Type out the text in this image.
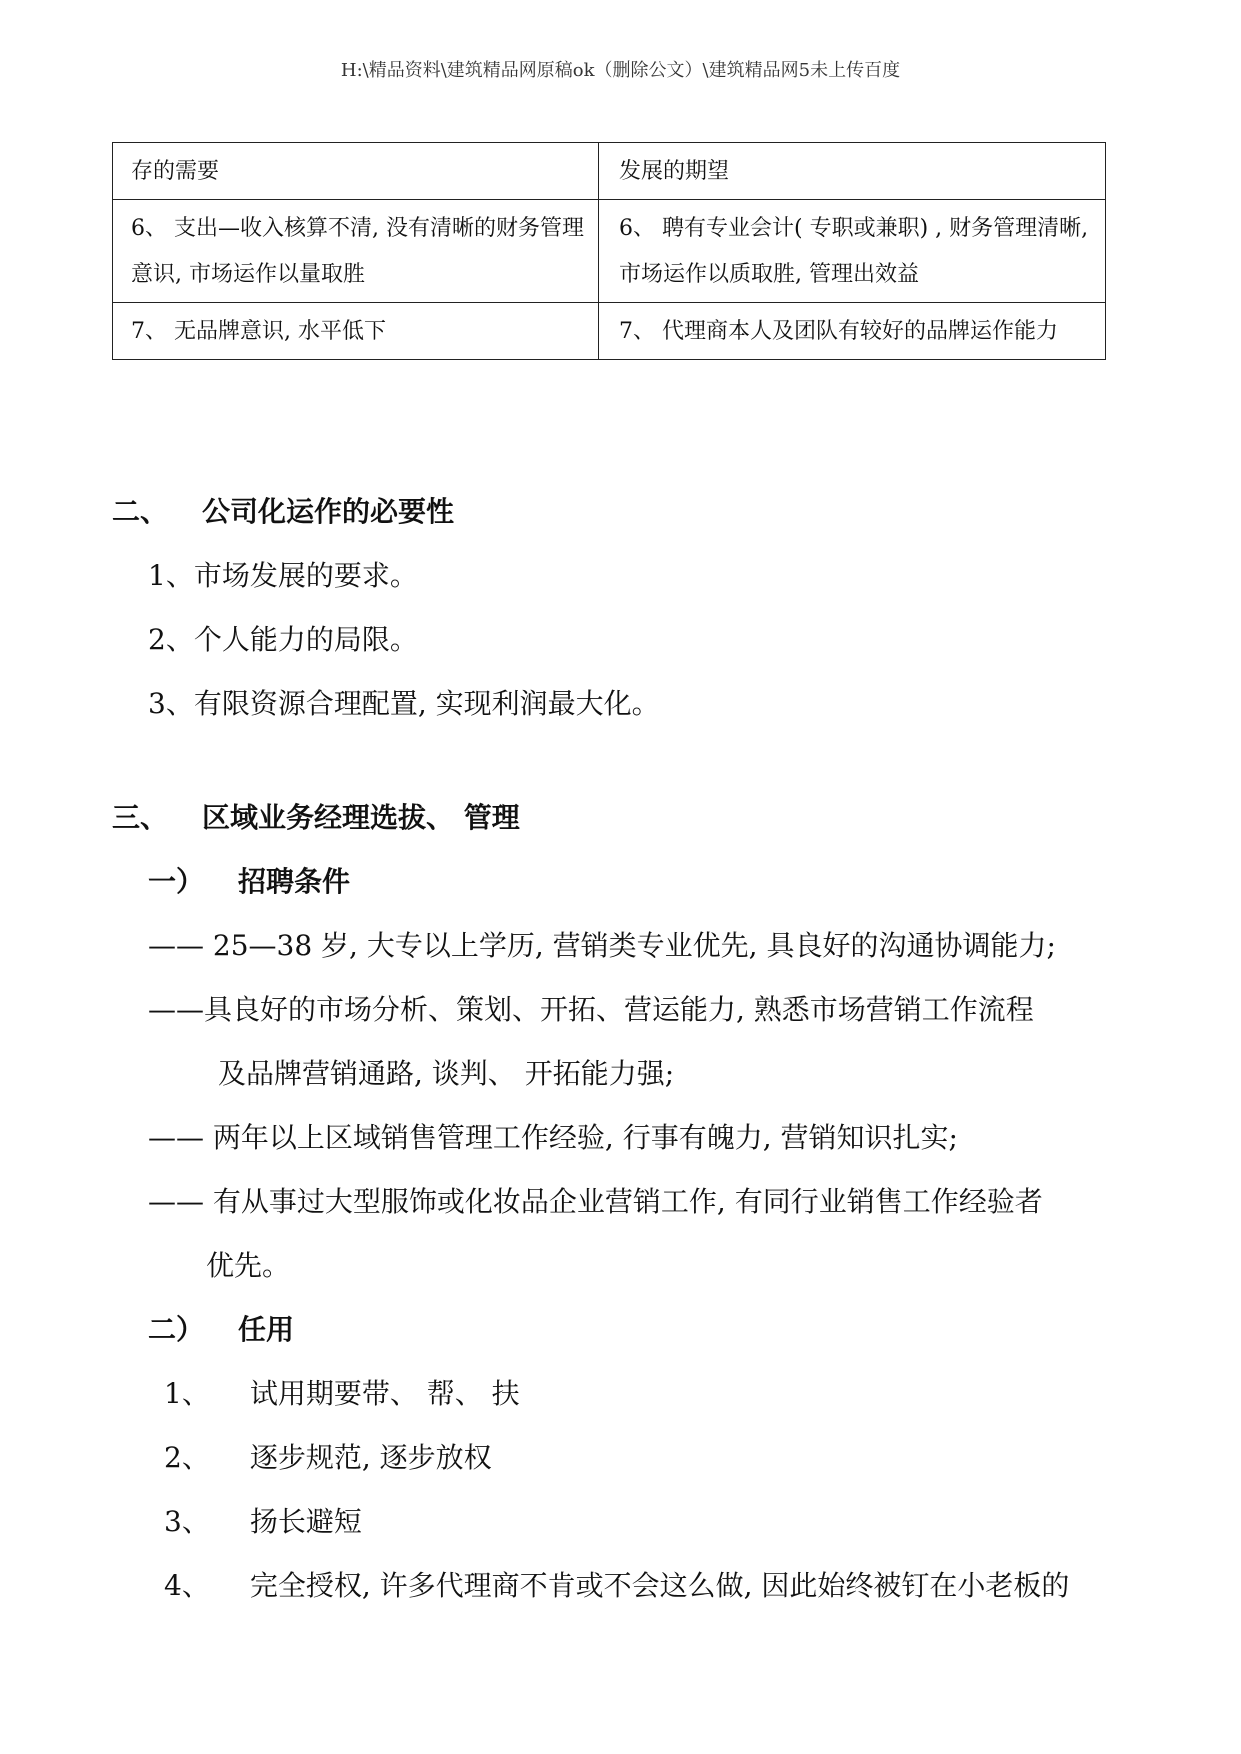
H:\精品资料\建筑精品网原稿ok（删除公文）\建筑精品网5未上传百度
存的需要	发展的期望
6、 支出—收入核算不清, 没有清晰的财务管理意识, 市场运作以量取胜	6、 聘有专业会计( 专职或兼职) , 财务管理清晰, 市场运作以质取胜, 管理出效益
7、 无品牌意识, 水平低下	7、 代理商本人及团队有较好的品牌运作能力
二、 公司化运作的必要性
1、市场发展的要求。
2、个人能力的局限。
3、有限资源合理配置, 实现利润最大化。
三、 区域业务经理选拔、 管理
一） 招聘条件
—— 25—38 岁, 大专以上学历, 营销类专业优先, 具良好的沟通协调能力;
——具良好的市场分析、策划、开拓、营运能力, 熟悉市场营销工作流程
及品牌营销通路, 谈判、 开拓能力强;
—— 两年以上区域销售管理工作经验, 行事有魄力, 营销知识扎实;
—— 有从事过大型服饰或化妆品企业营销工作, 有同行业销售工作经验者
优先。
二） 任用
1、 试用期要带、 帮、 扶
2、 逐步规范, 逐步放权
3、 扬长避短
4、 完全授权, 许多代理商不肯或不会这么做, 因此始终被钉在小老板的
